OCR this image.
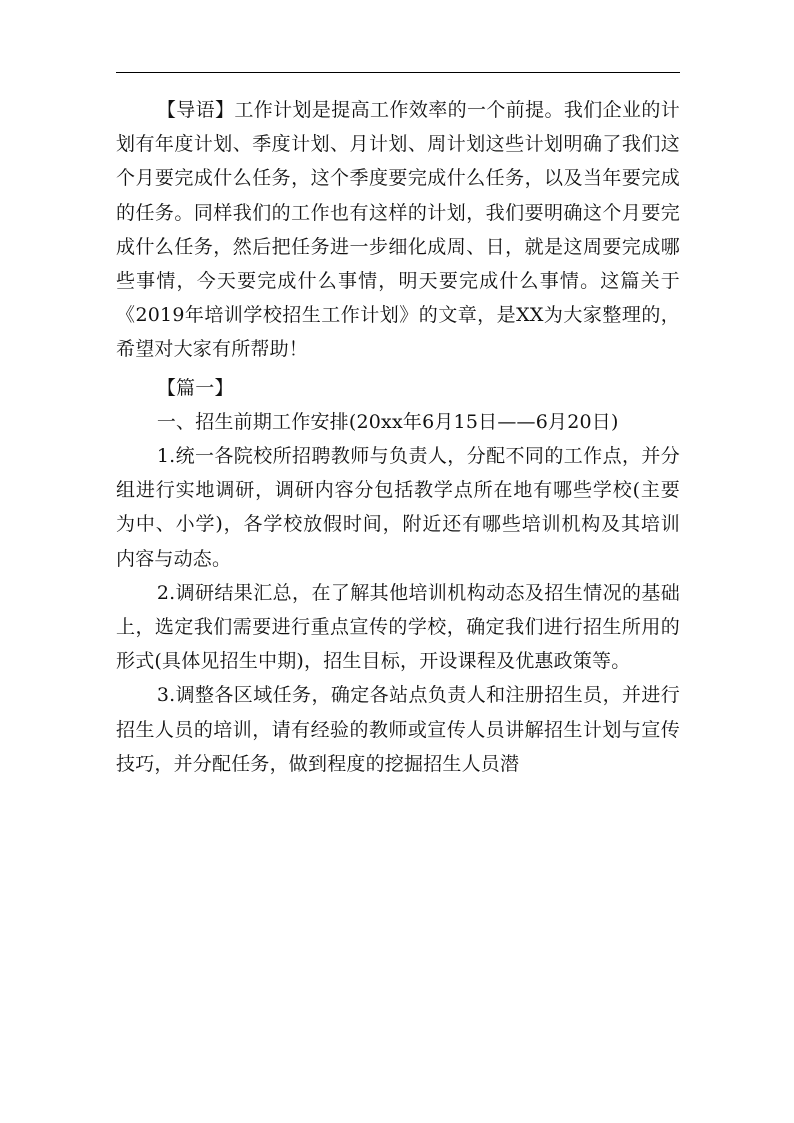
【导语】工作计划是提高工作效率的一个前提。我们企业的计划有年度计划、季度计划、月计划、周计划这些计划明确了我们这个月要完成什么任务，这个季度要完成什么任务，以及当年要完成的任务。同样我们的工作也有这样的计划，我们要明确这个月要完成什么任务，然后把任务进一步细化成周、日，就是这周要完成哪些事情，今天要完成什么事情，明天要完成什么事情。这篇关于《2019年培训学校招生工作计划》的文章，是XX为大家整理的，希望对大家有所帮助！

【篇一】

一、招生前期工作安排(20xx年6月15日——6月20日)

1.统一各院校所招聘教师与负责人，分配不同的工作点，并分组进行实地调研，调研内容分包括教学点所在地有哪些学校(主要为中、小学)，各学校放假时间，附近还有哪些培训机构及其培训内容与动态。

2.调研结果汇总，在了解其他培训机构动态及招生情况的基础上，选定我们需要进行重点宣传的学校，确定我们进行招生所用的形式(具体见招生中期)，招生目标，开设课程及优惠政策等。

3.调整各区域任务，确定各站点负责人和注册招生员，并进行招生人员的培训，请有经验的教师或宣传人员讲解招生计划与宣传技巧，并分配任务，做到程度的挖掘招生人员潜
